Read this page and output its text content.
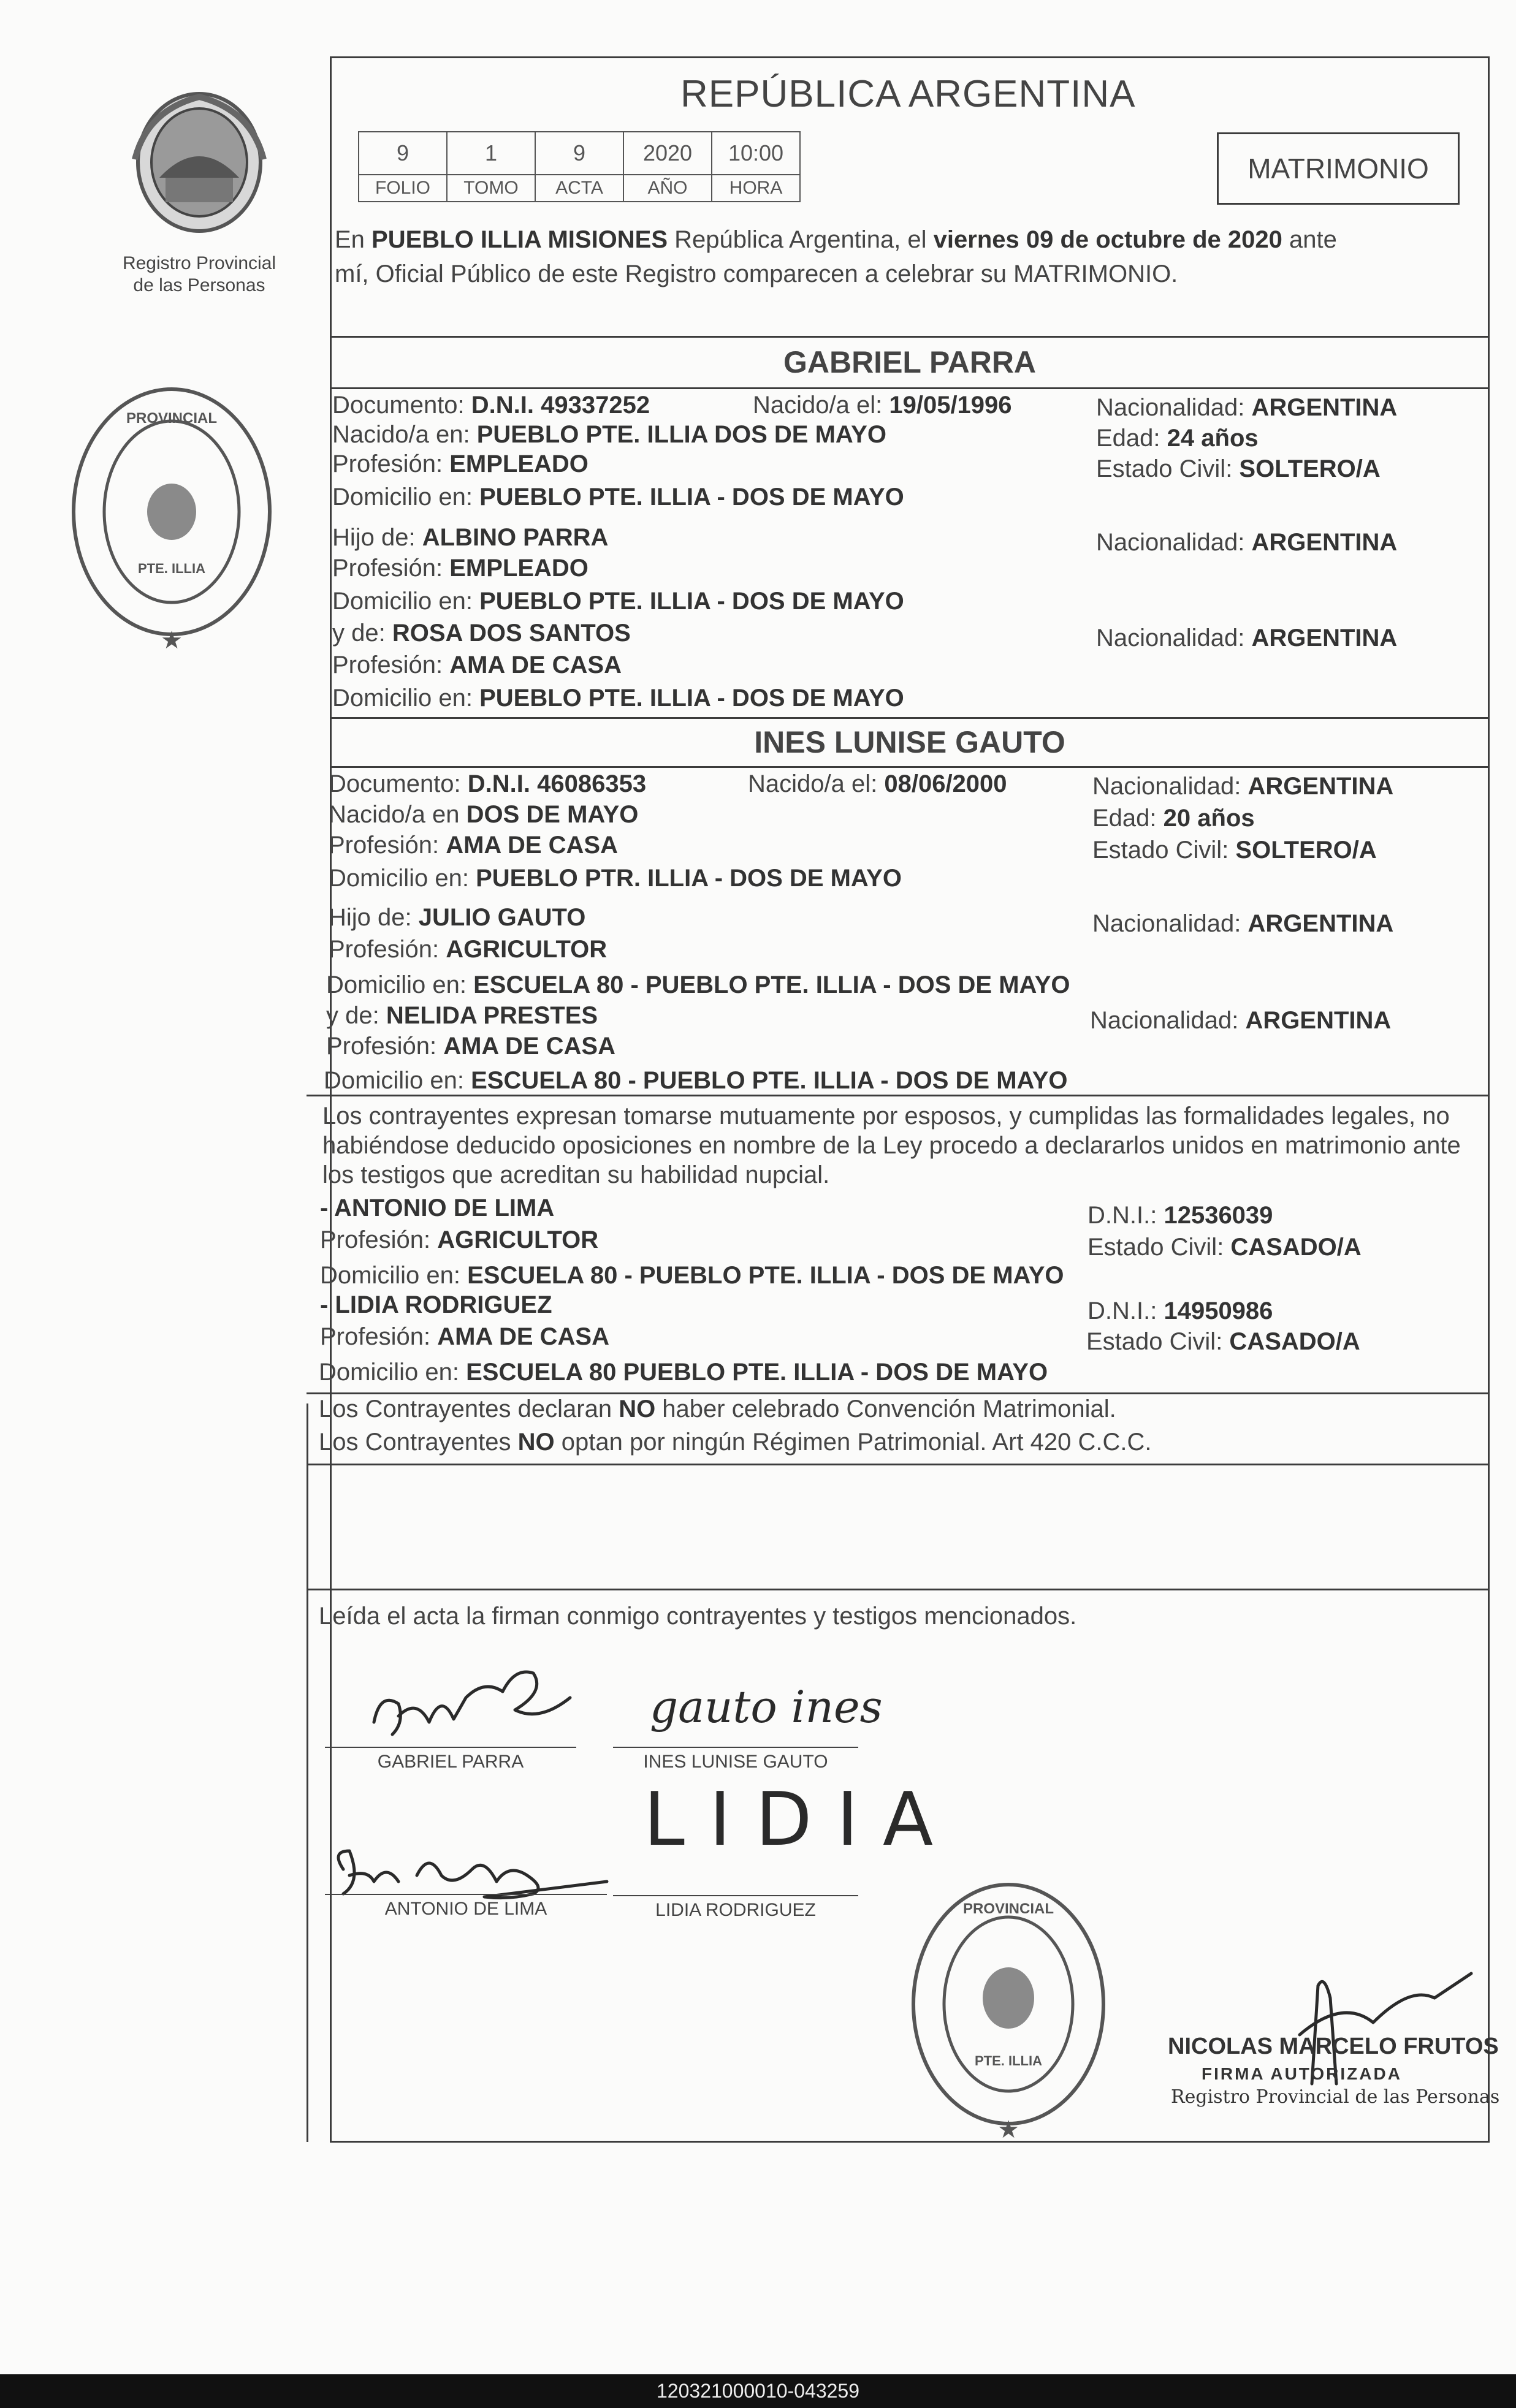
Registro Provincial
de las Personas
PROVINCIAL
PTE. ILLIA
★
REPÚBLICA ARGENTINA
9	1	9	2020	10:00
FOLIO	TOMO	ACTA	AÑO	HORA
MATRIMONIO
En PUEBLO ILLIA MISIONES República Argentina, el viernes 09 de octubre de 2020 ante
mí, Oficial Público de este Registro comparecen a celebrar su MATRIMONIO.
GABRIEL PARRA
Documento: D.N.I. 49337252	Nacido/a el: 19/05/1996	Nacionalidad: ARGENTINA
Nacido/a en: PUEBLO PTE. ILLIA DOS DE MAYO	Edad: 24 años
Profesión: EMPLEADO	Estado Civil: SOLTERO/A
Domicilio en: PUEBLO PTE. ILLIA - DOS DE MAYO
Hijo de: ALBINO PARRA	Nacionalidad: ARGENTINA
Profesión: EMPLEADO
Domicilio en: PUEBLO PTE. ILLIA - DOS DE MAYO
y de: ROSA DOS SANTOS	Nacionalidad: ARGENTINA
Profesión: AMA DE CASA
Domicilio en: PUEBLO PTE. ILLIA - DOS DE MAYO
INES LUNISE GAUTO
Documento: D.N.I. 46086353	Nacido/a el: 08/06/2000	Nacionalidad: ARGENTINA
Nacido/a en DOS DE MAYO	Edad: 20 años
Profesión: AMA DE CASA	Estado Civil: SOLTERO/A
Domicilio en: PUEBLO PTR. ILLIA - DOS DE MAYO
Hijo de: JULIO GAUTO	Nacionalidad: ARGENTINA
Profesión: AGRICULTOR
Domicilio en: ESCUELA 80 - PUEBLO PTE. ILLIA - DOS DE MAYO
y de: NELIDA PRESTES	Nacionalidad: ARGENTINA
Profesión: AMA DE CASA
Domicilio en: ESCUELA 80 - PUEBLO PTE. ILLIA - DOS DE MAYO
Los contrayentes expresan tomarse mutuamente por esposos, y cumplidas las formalidades legales, no
habiéndose deducido oposiciones en nombre de la Ley procedo a declararlos unidos en matrimonio ante
los testigos que acreditan su habilidad nupcial.
- ANTONIO DE LIMA	D.N.I.: 12536039
Profesión: AGRICULTOR	Estado Civil: CASADO/A
Domicilio en: ESCUELA 80 - PUEBLO PTE. ILLIA - DOS DE MAYO
- LIDIA RODRIGUEZ	D.N.I.: 14950986
Profesión: AMA DE CASA	Estado Civil: CASADO/A
Domicilio en: ESCUELA 80 PUEBLO PTE. ILLIA - DOS DE MAYO
Los Contrayentes declaran NO haber celebrado Convención Matrimonial.
Los Contrayentes NO optan por ningún Régimen Patrimonial. Art 420 C.C.C.
Leída el acta la firman conmigo contrayentes y testigos mencionados.
GABRIEL PARRA
gauto ines
INES LUNISE GAUTO
ANTONIO DE LIMA
LIDIA
LIDIA RODRIGUEZ	PROVINCIAL
PTE. ILLIA
★
NICOLAS MARCELO FRUTOS
FIRMA AUTORIZADA
Registro Provincial de las Personas
120321000010-043259
